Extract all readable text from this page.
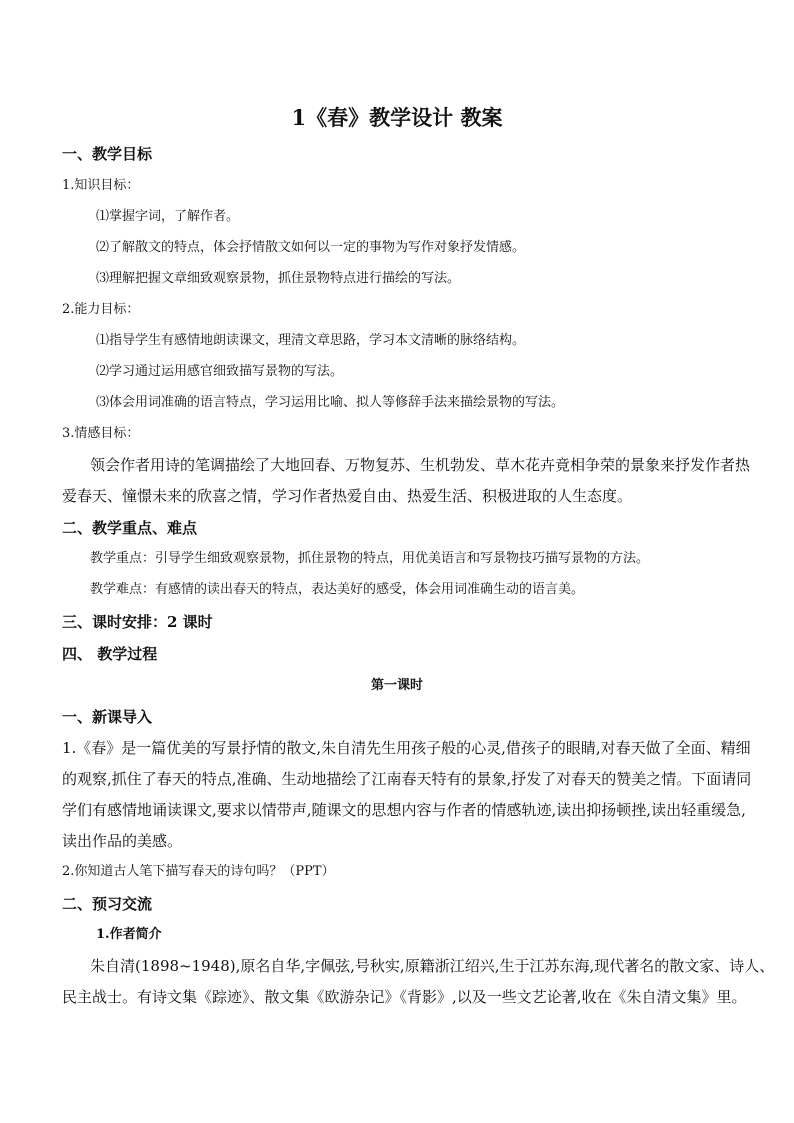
1《春》教学设计 教案
一、教学目标
1.知识目标：
⑴掌握字词，了解作者。
⑵了解散文的特点，体会抒情散文如何以一定的事物为写作对象抒发情感。
⑶理解把握文章细致观察景物，抓住景物特点进行描绘的写法。
2.能力目标：
⑴指导学生有感情地朗读课文，理清文章思路，学习本文清晰的脉络结构。
⑵学习通过运用感官细致描写景物的写法。
⑶体会用词准确的语言特点，学习运用比喻、拟人等修辞手法来描绘景物的写法。
3.情感目标：
领会作者用诗的笔调描绘了大地回春、万物复苏、生机勃发、草木花卉竟相争荣的景象来抒发作者热
爱春天、憧憬未来的欣喜之情，学习作者热爱自由、热爱生活、积极进取的人生态度。
二、教学重点、难点
教学重点：引导学生细致观察景物，抓住景物的特点，用优美语言和写景物技巧描写景物的方法。
教学难点：有感情的读出春天的特点，表达美好的感受，体会用词准确生动的语言美。
三、课时安排：2 课时
四、 教学过程
第一课时
一、新课导入
1.《春》是一篇优美的写景抒情的散文,朱自清先生用孩子般的心灵,借孩子的眼睛,对春天做了全面、精细
的观察,抓住了春天的特点,准确、生动地描绘了江南春天特有的景象,抒发了对春天的赞美之情。下面请同
学们有感情地诵读课文,要求以情带声,随课文的思想内容与作者的情感轨迹,读出抑扬顿挫,读出轻重缓急,
读出作品的美感。
2.你知道古人笔下描写春天的诗句吗？（PPT）
二、预习交流
1.作者简介
朱自清(1898~1948),原名自华,字佩弦,号秋实,原籍浙江绍兴,生于江苏东海,现代著名的散文家、诗人、
民主战士。有诗文集《踪迹》、散文集《欧游杂记》《背影》,以及一些文艺论著,收在《朱自清文集》里。
